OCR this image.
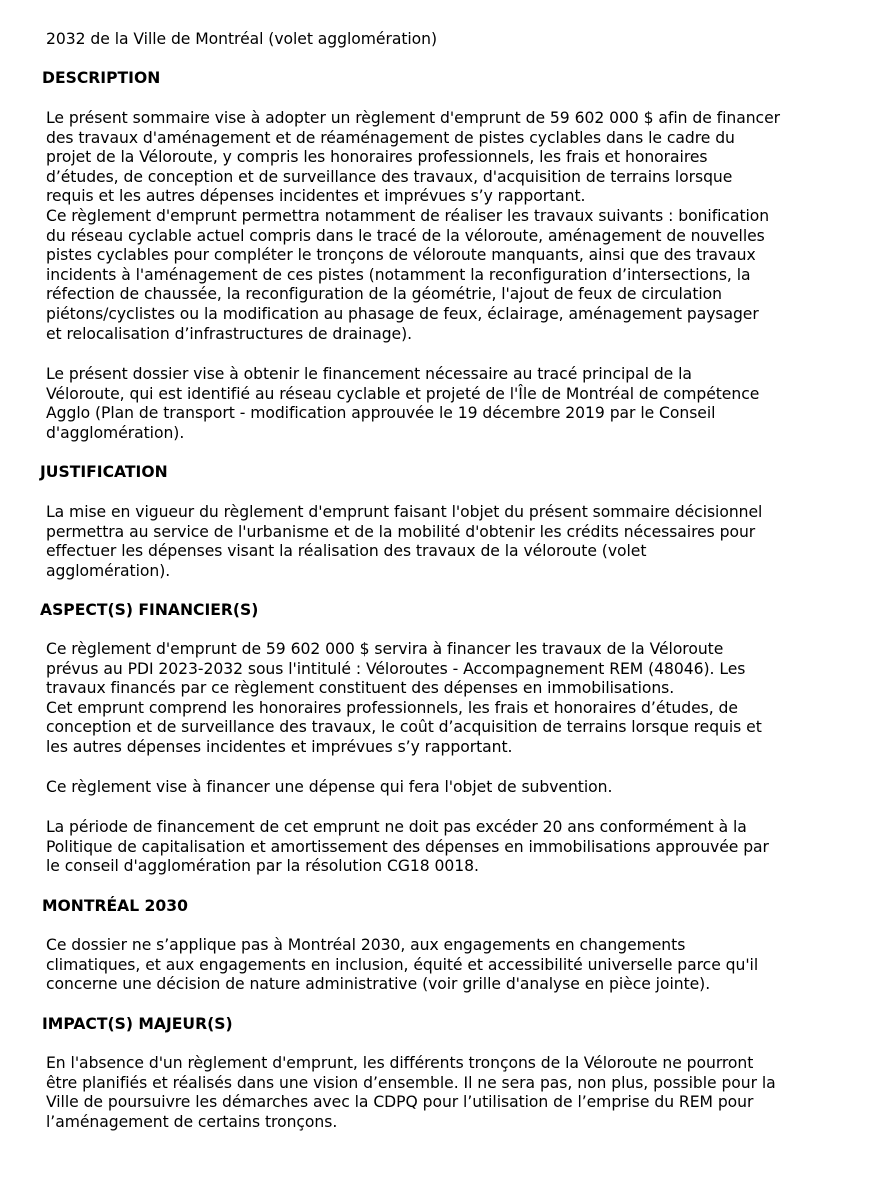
2032 de la Ville de Montréal (volet agglomération)
DESCRIPTION
Le présent sommaire vise à adopter un règlement d'emprunt de 59 602 000 $ afin de financer
des travaux d'aménagement et de réaménagement de pistes cyclables dans le cadre du
projet de la Véloroute, y compris les honoraires professionnels, les frais et honoraires
d’études, de conception et de surveillance des travaux, d'acquisition de terrains lorsque
requis et les autres dépenses incidentes et imprévues s’y rapportant.
Ce règlement d'emprunt permettra notamment de réaliser les travaux suivants : bonification
du réseau cyclable actuel compris dans le tracé de la véloroute, aménagement de nouvelles
pistes cyclables pour compléter le tronçons de véloroute manquants, ainsi que des travaux
incidents à l'aménagement de ces pistes (notamment la reconfiguration d’intersections, la
réfection de chaussée, la reconfiguration de la géométrie, l'ajout de feux de circulation
piétons/cyclistes ou la modification au phasage de feux, éclairage, aménagement paysager
et relocalisation d’infrastructures de drainage).
Le présent dossier vise à obtenir le financement nécessaire au tracé principal de la
Véloroute, qui est identifié au réseau cyclable et projeté de l'Île de Montréal de compétence
Agglo (Plan de transport - modification approuvée le 19 décembre 2019 par le Conseil
d'agglomération).
JUSTIFICATION
La mise en vigueur du règlement d'emprunt faisant l'objet du présent sommaire décisionnel
permettra au service de l'urbanisme et de la mobilité d'obtenir les crédits nécessaires pour
effectuer les dépenses visant la réalisation des travaux de la véloroute (volet
agglomération).
ASPECT(S) FINANCIER(S)
Ce règlement d'emprunt de 59 602 000 $ servira à financer les travaux de la Véloroute
prévus au PDI 2023-2032 sous l'intitulé : Véloroutes - Accompagnement REM (48046). Les
travaux financés par ce règlement constituent des dépenses en immobilisations.
Cet emprunt comprend les honoraires professionnels, les frais et honoraires d’études, de
conception et de surveillance des travaux, le coût d’acquisition de terrains lorsque requis et
les autres dépenses incidentes et imprévues s’y rapportant.
Ce règlement vise à financer une dépense qui fera l'objet de subvention.
La période de financement de cet emprunt ne doit pas excéder 20 ans conformément à la
Politique de capitalisation et amortissement des dépenses en immobilisations approuvée par
le conseil d'agglomération par la résolution CG18 0018.
MONTRÉAL 2030
Ce dossier ne s’applique pas à Montréal 2030, aux engagements en changements
climatiques, et aux engagements en inclusion, équité et accessibilité universelle parce qu'il
concerne une décision de nature administrative (voir grille d'analyse en pièce jointe).
IMPACT(S) MAJEUR(S)
En l'absence d'un règlement d'emprunt, les différents tronçons de la Véloroute ne pourront
être planifiés et réalisés dans une vision d’ensemble. Il ne sera pas, non plus, possible pour la
Ville de poursuivre les démarches avec la CDPQ pour l’utilisation de l’emprise du REM pour
l’aménagement de certains tronçons.
